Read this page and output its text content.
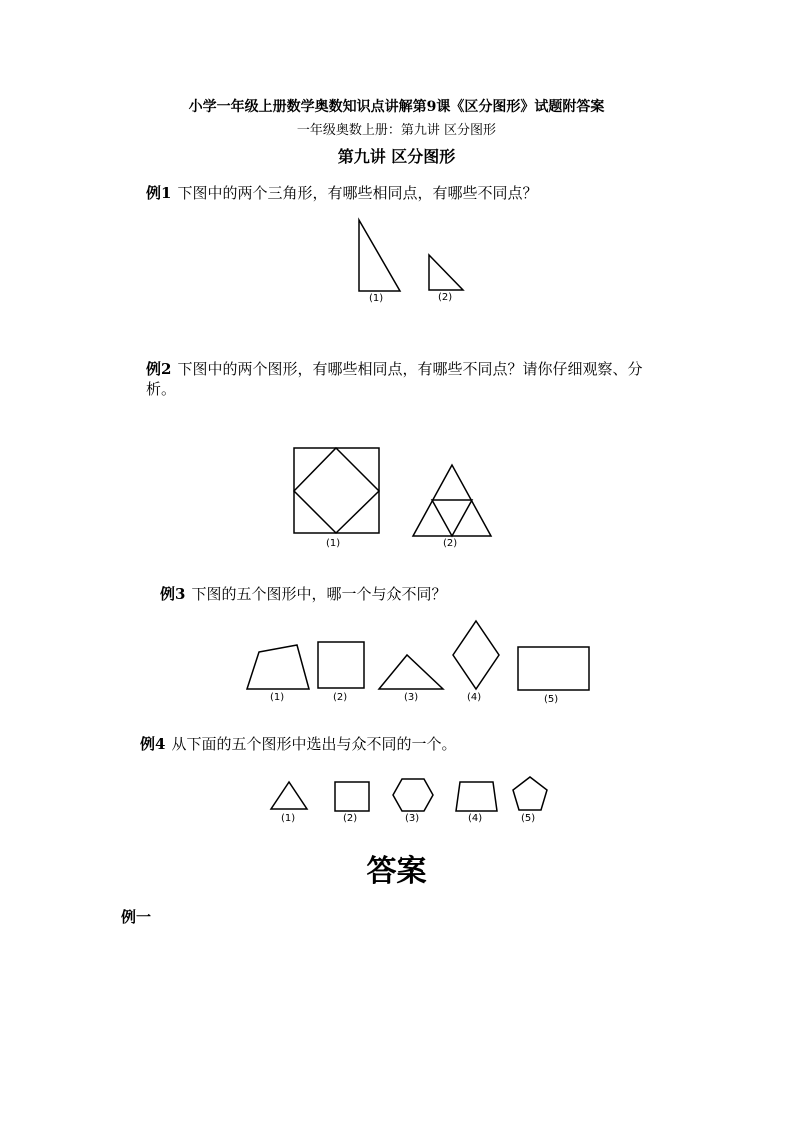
小学一年级上册数学奥数知识点讲解第9课《区分图形》试题附答案
一年级奥数上册：第九讲 区分图形
第九讲 区分图形
例1 下图中的两个三角形，有哪些相同点，有哪些不同点？
(1)	(2)
例2 下图中的两个图形，有哪些相同点，有哪些不同点？请你仔细观察、分
析。
(1)	(2)
例3 下图的五个图形中，哪一个与众不同？
(1)	(2)	(3)	(4)	(5)
例4 从下面的五个图形中选出与众不同的一个。
(1)	(2)	(3)	(4)	(5)
答案
例一
